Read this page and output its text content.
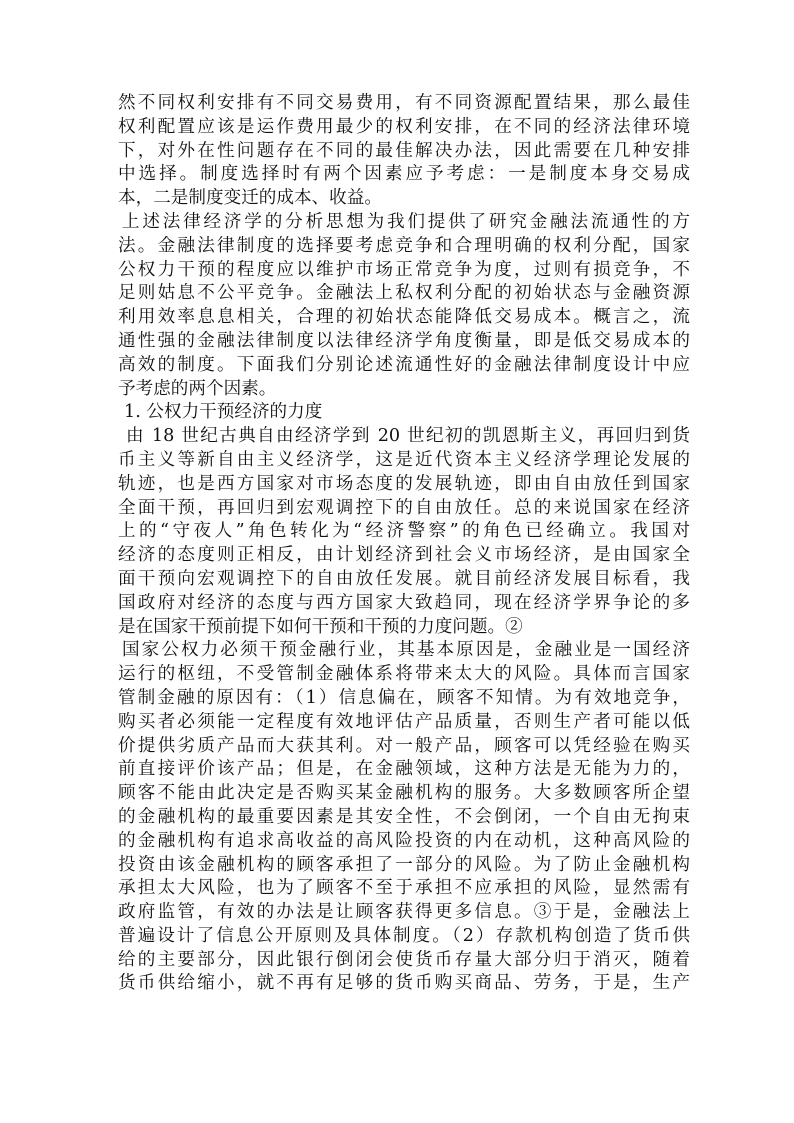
然不同权利安排有不同交易费用，有不同资源配置结果，那么最佳
权利配置应该是运作费用最少的权利安排，在不同的经济法律环境
下，对外在性问题存在不同的最佳解决办法，因此需要在几种安排
中选择。制度选择时有两个因素应予考虑：一是制度本身交易成
本，二是制度变迁的成本、收益。
上述法律经济学的分析思想为我们提供了研究金融法流通性的方
法。金融法律制度的选择要考虑竞争和合理明确的权利分配，国家
公权力干预的程度应以维护市场正常竞争为度，过则有损竞争，不
足则姑息不公平竞争。金融法上私权利分配的初始状态与金融资源
利用效率息息相关，合理的初始状态能降低交易成本。概言之，流
通性强的金融法律制度以法律经济学角度衡量，即是低交易成本的
高效的制度。下面我们分别论述流通性好的金融法律制度设计中应
予考虑的两个因素。
1. 公权力干预经济的力度
由 18 世纪古典自由经济学到 20 世纪初的凯恩斯主义，再回归到货
币主义等新自由主义经济学，这是近代资本主义经济学理论发展的
轨迹，也是西方国家对市场态度的发展轨迹，即由自由放任到国家
全面干预，再回归到宏观调控下的自由放任。总的来说国家在经济
上的“守夜人”角色转化为“经济警察”的角色已经确立。我国对
经济的态度则正相反，由计划经济到社会义市场经济，是由国家全
面干预向宏观调控下的自由放任发展。就目前经济发展目标看，我
国政府对经济的态度与西方国家大致趋同，现在经济学界争论的多
是在国家干预前提下如何干预和干预的力度问题。②
国家公权力必须干预金融行业，其基本原因是，金融业是一国经济
运行的枢纽，不受管制金融体系将带来太大的风险。具体而言国家
管制金融的原因有：（1）信息偏在，顾客不知情。为有效地竞争，
购买者必须能一定程度有效地评估产品质量，否则生产者可能以低
价提供劣质产品而大获其利。对一般产品，顾客可以凭经验在购买
前直接评价该产品；但是，在金融领域，这种方法是无能为力的，
顾客不能由此决定是否购买某金融机构的服务。大多数顾客所企望
的金融机构的最重要因素是其安全性，不会倒闭，一个自由无拘束
的金融机构有追求高收益的高风险投资的内在动机，这种高风险的
投资由该金融机构的顾客承担了一部分的风险。为了防止金融机构
承担太大风险，也为了顾客不至于承担不应承担的风险，显然需有
政府监管，有效的办法是让顾客获得更多信息。③于是，金融法上
普遍设计了信息公开原则及具体制度。（2）存款机构创造了货币供
给的主要部分，因此银行倒闭会使货币存量大部分归于消灭，随着
货币供给缩小，就不再有足够的货币购买商品、劳务，于是，生产
